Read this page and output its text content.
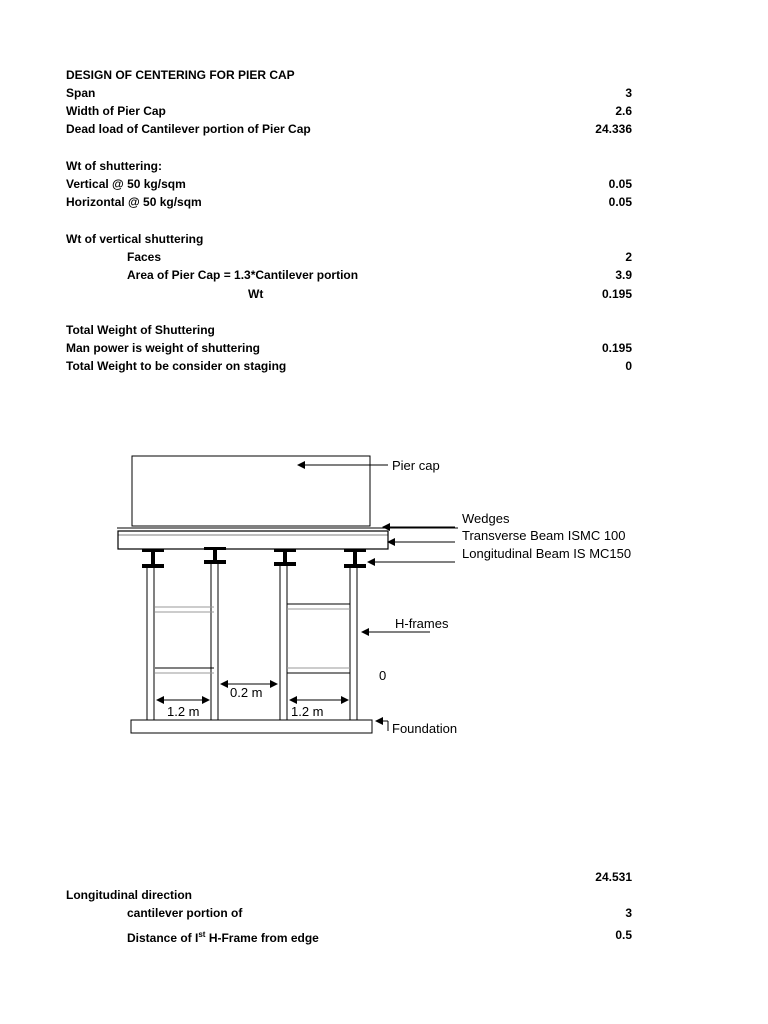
DESIGN OF CENTERING FOR PIER CAP
Span	3
Width of Pier Cap	2.6
Dead load of Cantilever portion of Pier Cap	24.336
Wt of shuttering:
Vertical @ 50 kg/sqm	0.05
Horizontal @ 50 kg/sqm	0.05
Wt of vertical shuttering
Faces	2
Area of Pier Cap = 1.3*Cantilever portion	3.9
Wt	0.195
Total Weight of Shuttering
Man power is weight of shuttering	0.195
Total Weight to be consider on staging	0
Pier cap
Wedges
Transverse Beam ISMC 100
Longitudinal Beam IS MC150
H-frames
0
0.2 m
1.2 m	1.2 m
Foundation
24.531
Longitudinal direction
cantilever portion of	3
Distance of Ist H-Frame from edge	0.5
